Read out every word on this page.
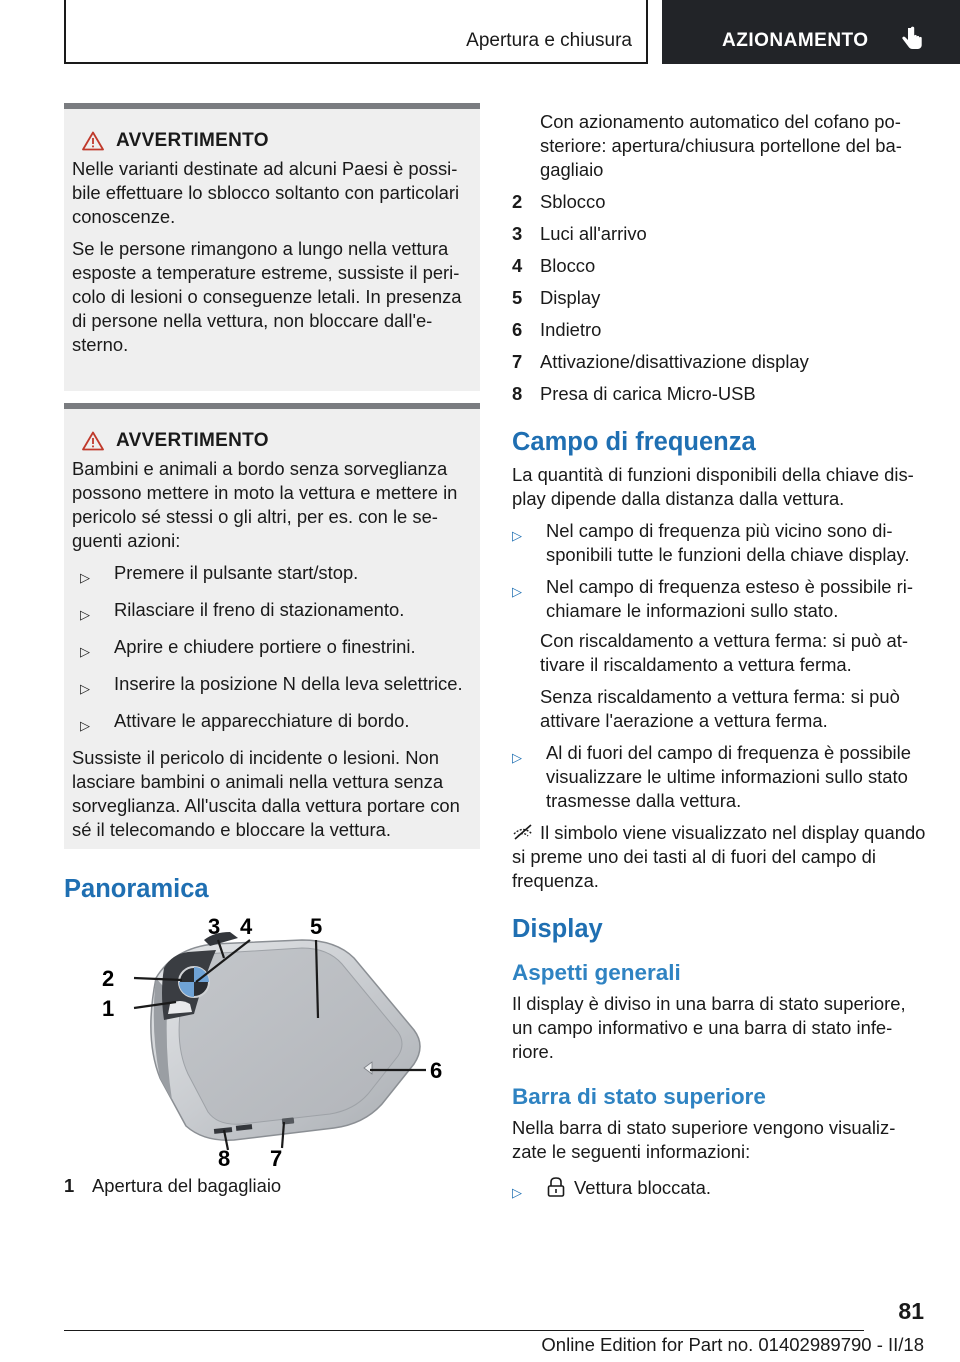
Apertura e chiusura	AZIONAMENTO
AVVERTIMENTO

Nelle varianti destinate ad alcuni Paesi è possi-bile effettuare lo sblocco soltanto con particolari conoscenze.

Se le persone rimangono a lungo nella vettura esposte a temperature estreme, sussiste il peri-colo di lesioni o conseguenze letali. In presenza di persone nella vettura, non bloccare dall'e-sterno.

AVVERTIMENTO

Bambini e animali a bordo senza sorveglianza possono mettere in moto la vettura e mettere in pericolo sé stessi o gli altri, per es. con le se-guenti azioni:

▷	Premere il pulsante start/stop.
▷	Rilasciare il freno di stazionamento.
▷	Aprire e chiudere portiere o finestrini.
▷	Inserire la posizione N della leva selettrice.
▷	Attivare le apparecchiature di bordo.

Sussiste il pericolo di incidente o lesioni. Non lasciare bambini o animali nella vettura senza sorveglianza. All'uscita dalla vettura portare con sé il telecomando e bloccare la vettura.

Panoramica
1
2
3 4	5
6
7
8
1 Apertura del bagagliaio
Con azionamento automatico del cofano po-steriore: apertura/chiusura portellone del ba-gagliaio
2 Sblocco
3 Luci all'arrivo
4 Blocco
5 Display
6 Indietro
7 Attivazione/disattivazione display
8 Presa di carica Micro-USB
Campo di frequenza

La quantità di funzioni disponibili della chiave dis-play dipende dalla distanza dalla vettura.

▷	Nel campo di frequenza più vicino sono di-sponibili tutte le funzioni della chiave display.
▷	Nel campo di frequenza esteso è possibile ri-chiamare le informazioni sullo stato.

Con riscaldamento a vettura ferma: si può at-tivare il riscaldamento a vettura ferma.

Senza riscaldamento a vettura ferma: si può attivare l'aerazione a vettura ferma.

▷	Al di fuori del campo di frequenza è possibile visualizzare le ultime informazioni sullo stato trasmesse dalla vettura.

Il simbolo viene visualizzato nel display quando si preme uno dei tasti al di fuori del campo di frequenza.

Display
Aspetti generali

Il display è diviso in una barra di stato superiore, un campo informativo e una barra di stato infe-riore.

Barra di stato superiore

Nella barra di stato superiore vengono visualiz-zate le seguenti informazioni:

▷	Vettura bloccata.
81
Online Edition for Part no. 01402989790 - II/18
